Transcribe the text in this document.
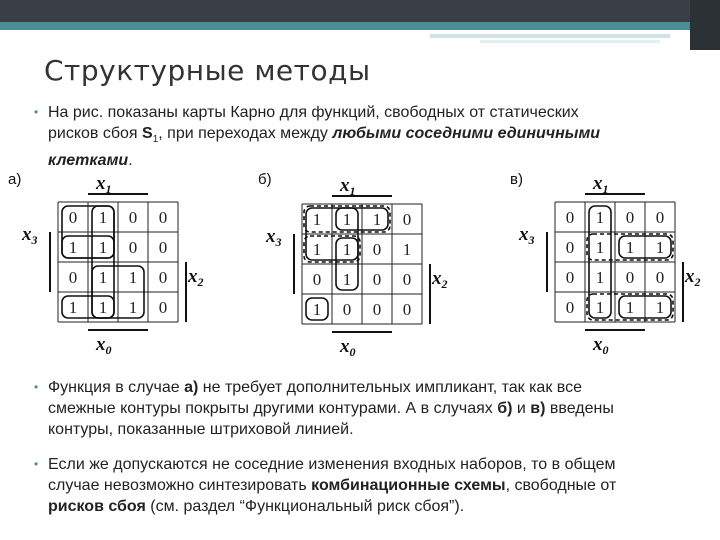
Структурные методы
• На рис. показаны карты Карно для функций, свободных от статических
рисков сбоя $S_1$, при переходах между любыми соседними единичными
клетками.
а)	$x_1$
$x_3$
$x_2$
$x_0$
0 1 0 0
1 1 0 0
0 1 1 0
1 1 1 0
б)	$x_1$
$x_3$
$x_2$
$x_0$
1 1 1 0
1 1 0 1
0 1 0 0
1 0 0 0
в)	$x_1$
$x_3$
$x_2$
$x_0$
0 1 0 0
0 1 1 1
0 1 0 0
0 1 1 1
• Функция в случае а) не требует дополнительных импликант, так как все
смежные контуры покрыты другими контурами. А в случаях б) и в) введены
контуры, показанные штриховой линией.
• Если же допускаются не соседние изменения входных наборов, то в общем
случае невозможно синтезировать комбинационные схемы, свободные от
рисков сбоя (см. раздел “Функциональный риск сбоя”).
